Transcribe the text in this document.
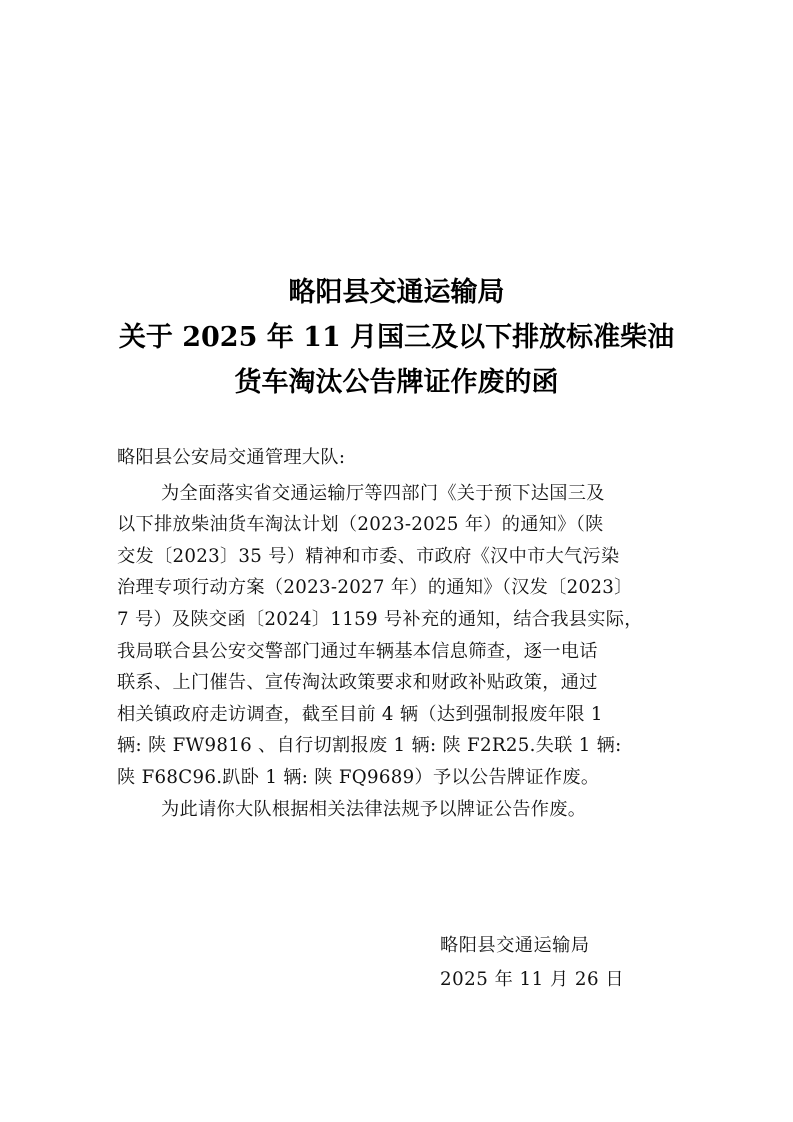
略阳县交通运输局
关于 2025 年 11 月国三及以下排放标准柴油
货车淘汰公告牌证作废的函
略阳县公安局交通管理大队:
为全面落实省交通运输厅等四部门《关于预下达国三及
以下排放柴油货车淘汰计划（2023-2025 年）的通知》（陕
交发〔2023〕35 号）精神和市委、市政府《汉中市大气污染
治理专项行动方案（2023-2027 年）的通知》（汉发〔2023〕
7 号）及陕交函〔2024〕1159 号补充的通知，结合我县实际，
我局联合县公安交警部门通过车辆基本信息筛查，逐一电话
联系、上门催告、宣传淘汰政策要求和财政补贴政策，通过
相关镇政府走访调查，截至目前 4 辆（达到强制报废年限 1
辆: 陕 FW9816 、自行切割报废 1 辆: 陕 F2R25.失联 1 辆:
陕 F68C96.趴卧 1 辆: 陕 FQ9689）予以公告牌证作废。
为此请你大队根据相关法律法规予以牌证公告作废。
略阳县交通运输局
2025 年 11 月 26 日
